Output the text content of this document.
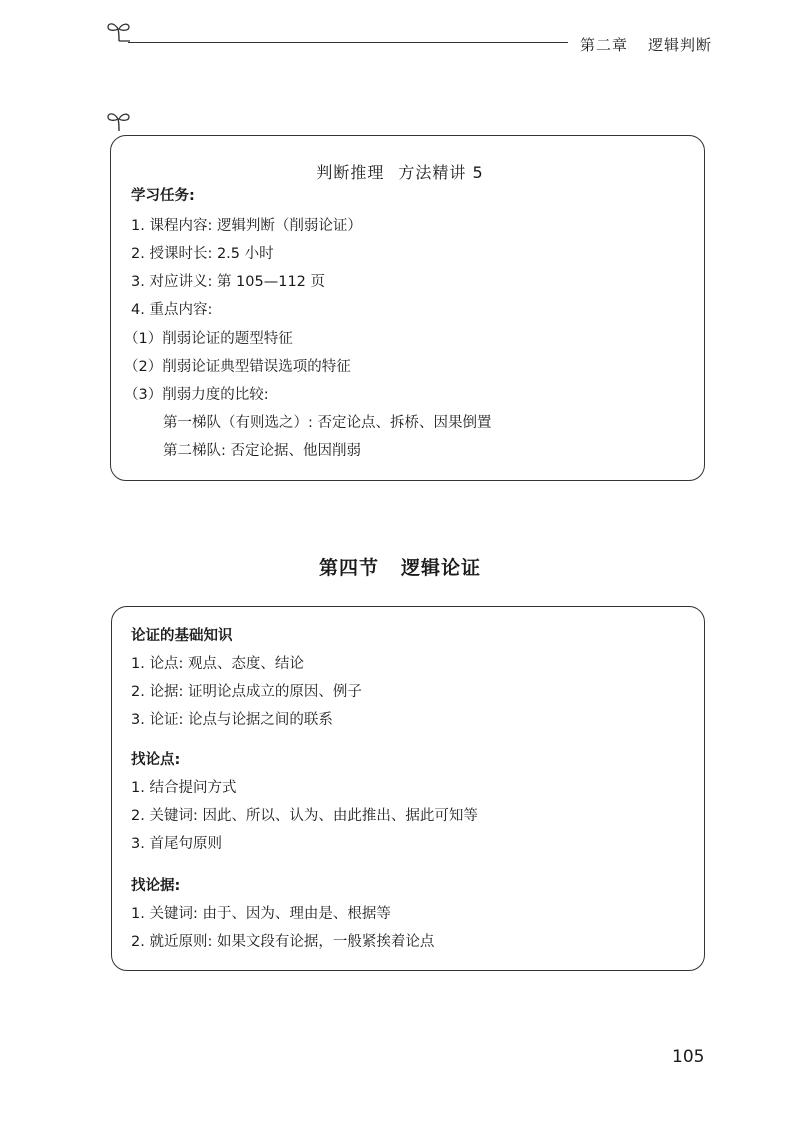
第二章 逻辑判断
判断推理 方法精讲 5
学习任务:
1. 课程内容: 逻辑判断（削弱论证）
2. 授课时长: 2.5 小时
3. 对应讲义: 第 105—112 页
4. 重点内容:
（1）削弱论证的题型特征
（2）削弱论证典型错误选项的特征
（3）削弱力度的比较:
第一梯队（有则选之）: 否定论点、拆桥、因果倒置
第二梯队: 否定论据、他因削弱
第四节 逻辑论证
论证的基础知识
1. 论点: 观点、态度、结论
2. 论据: 证明论点成立的原因、例子
3. 论证: 论点与论据之间的联系
找论点:
1. 结合提问方式
2. 关键词: 因此、所以、认为、由此推出、据此可知等
3. 首尾句原则
找论据:
1. 关键词: 由于、因为、理由是、根据等
2. 就近原则: 如果文段有论据，一般紧挨着论点
105
